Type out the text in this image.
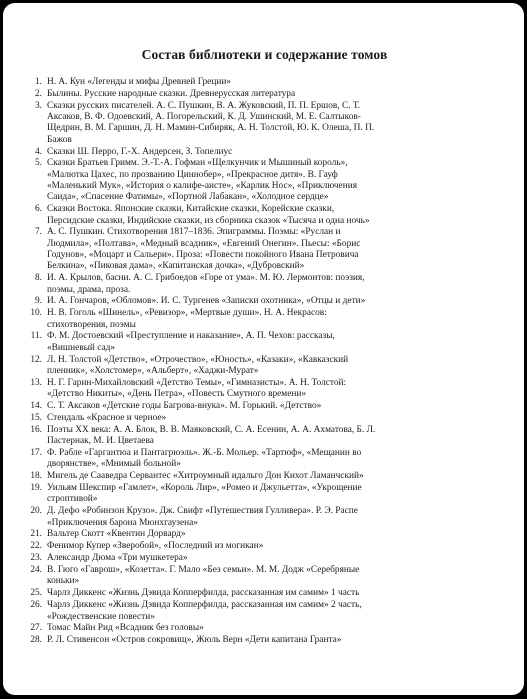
Состав библиотеки и содержание томов
1. Н. А. Кун «Легенды и мифы Древней Греции»
2. Былины. Русские народные сказки. Древнерусская литература
3. Сказки русских писателей. А. С. Пушкин, В. А. Жуковский, П. П. Ершов, С. Т.
Аксаков, В. Ф. Одоевский, А. Погорельский, К. Д. Ушинский, М. Е. Салтыков-
Щедрин, В. М. Гаршин, Д. Н. Мамин-Сибиряк, А. Н. Толстой, Ю. К. Олеша, П. П.
Бажов
4. Сказки Ш. Перро, Г.-Х. Андерсен, З. Топелиус
5. Сказки Братьев Гримм. Э.-Т.-А. Гофман «Щелкунчик и Мышиный король»,
«Малютка Цахес, по прозванию Циннобер», «Прекрасное дитя». В. Гауф
«Маленький Мук», «История о калифе-аисте», «Карлик Нос», «Приключения
Саида», «Спасение Фатимы», «Портной Лабакан», «Холодное сердце»
6. Сказки Востока. Японские сказки, Китайские сказки, Корейские сказки,
Персидские сказки, Индийские сказки, из сборника сказок «Тысяча и одна ночь»
7. А. С. Пушкин. Стихотворения 1817–1836. Эпиграммы. Поэмы: «Руслан и
Людмила», «Полтава», «Медный всадник», «Евгений Онегин». Пьесы: «Борис
Годунов», «Моцарт и Сальери». Проза: «Повести покойного Ивана Петровича
Белкина», «Пиковая дама», «Капитанская дочка», «Дубровский»
8. И. А. Крылов, басни. А. С. Грибоедов «Горе от ума». М. Ю. Лермонтов: поэзия,
поэмы, драма, проза.
9. И. А. Гончаров, «Обломов». И. С. Тургенев «Записки охотника», «Отцы и дети»
10. Н. В. Гоголь «Шинель», «Ревизор», «Мертвые души». Н. А. Некрасов:
стихотворения, поэмы
11. Ф. М. Достоевский «Преступление и наказание», А. П. Чехов: рассказы,
«Вишневый сад»
12. Л. Н. Толстой «Детство», «Отрочество», «Юность», «Казаки», «Кавказский
пленник», «Холстомер», «Альберт», «Хаджи-Мурат»
13. Н. Г. Гарин-Михайловский «Детство Темы», «Гимназисты». А. Н. Толстой:
«Детство Никиты», «День Петра», «Повесть Смутного времени»
14. С. Т. Аксаков «Детские годы Багрова-внука». М. Горький. «Детство»
15. Стендаль «Красное и черное»
16. Поэты XX века: А. А. Блок, В. В. Маяковский, С. А. Есенин, А. А. Ахматова, Б. Л.
Пастернак, М. И. Цветаева
17. Ф. Рабле «Гаргантюа и Пантагрюэль». Ж.-Б. Мольер. «Тартюф», «Мещанин во
дворянстве», «Мнимый больной»
18. Мигель де Сааведра Сервантес «Хитроумный идальго Дон Кихот Ламанчский»
19. Уильям Шекспир «Гамлет», «Король Лир», «Ромео и Джульетта», «Укрощение
строптивой»
20. Д. Дефо «Робинзон Крузо». Дж. Свифт «Путешествия Гулливера». Р. Э. Распе
«Приключения барона Мюнхгаузена»
21. Вальтер Скотт «Квентин Дорвард»
22. Фенимор Купер «Зверобой», «Последний из могикан»
23. Александр Дюма «Три мушкетера»
24. В. Гюго «Гаврош», «Козетта». Г. Мало «Без семьи». М. М. Додж «Серебряные
коньки»
25. Чарлз Диккенс «Жизнь Дэвида Копперфилда, рассказанная им самим» 1 часть
26. Чарлз Диккенс «Жизнь Дэвида Копперфилда, рассказанная им самим» 2 часть,
«Рождественские повести»
27. Томас Майн Рид «Всадник без головы»
28. Р. Л. Стивенсон «Остров сокровищ», Жюль Верн «Дети капитана Гранта»
